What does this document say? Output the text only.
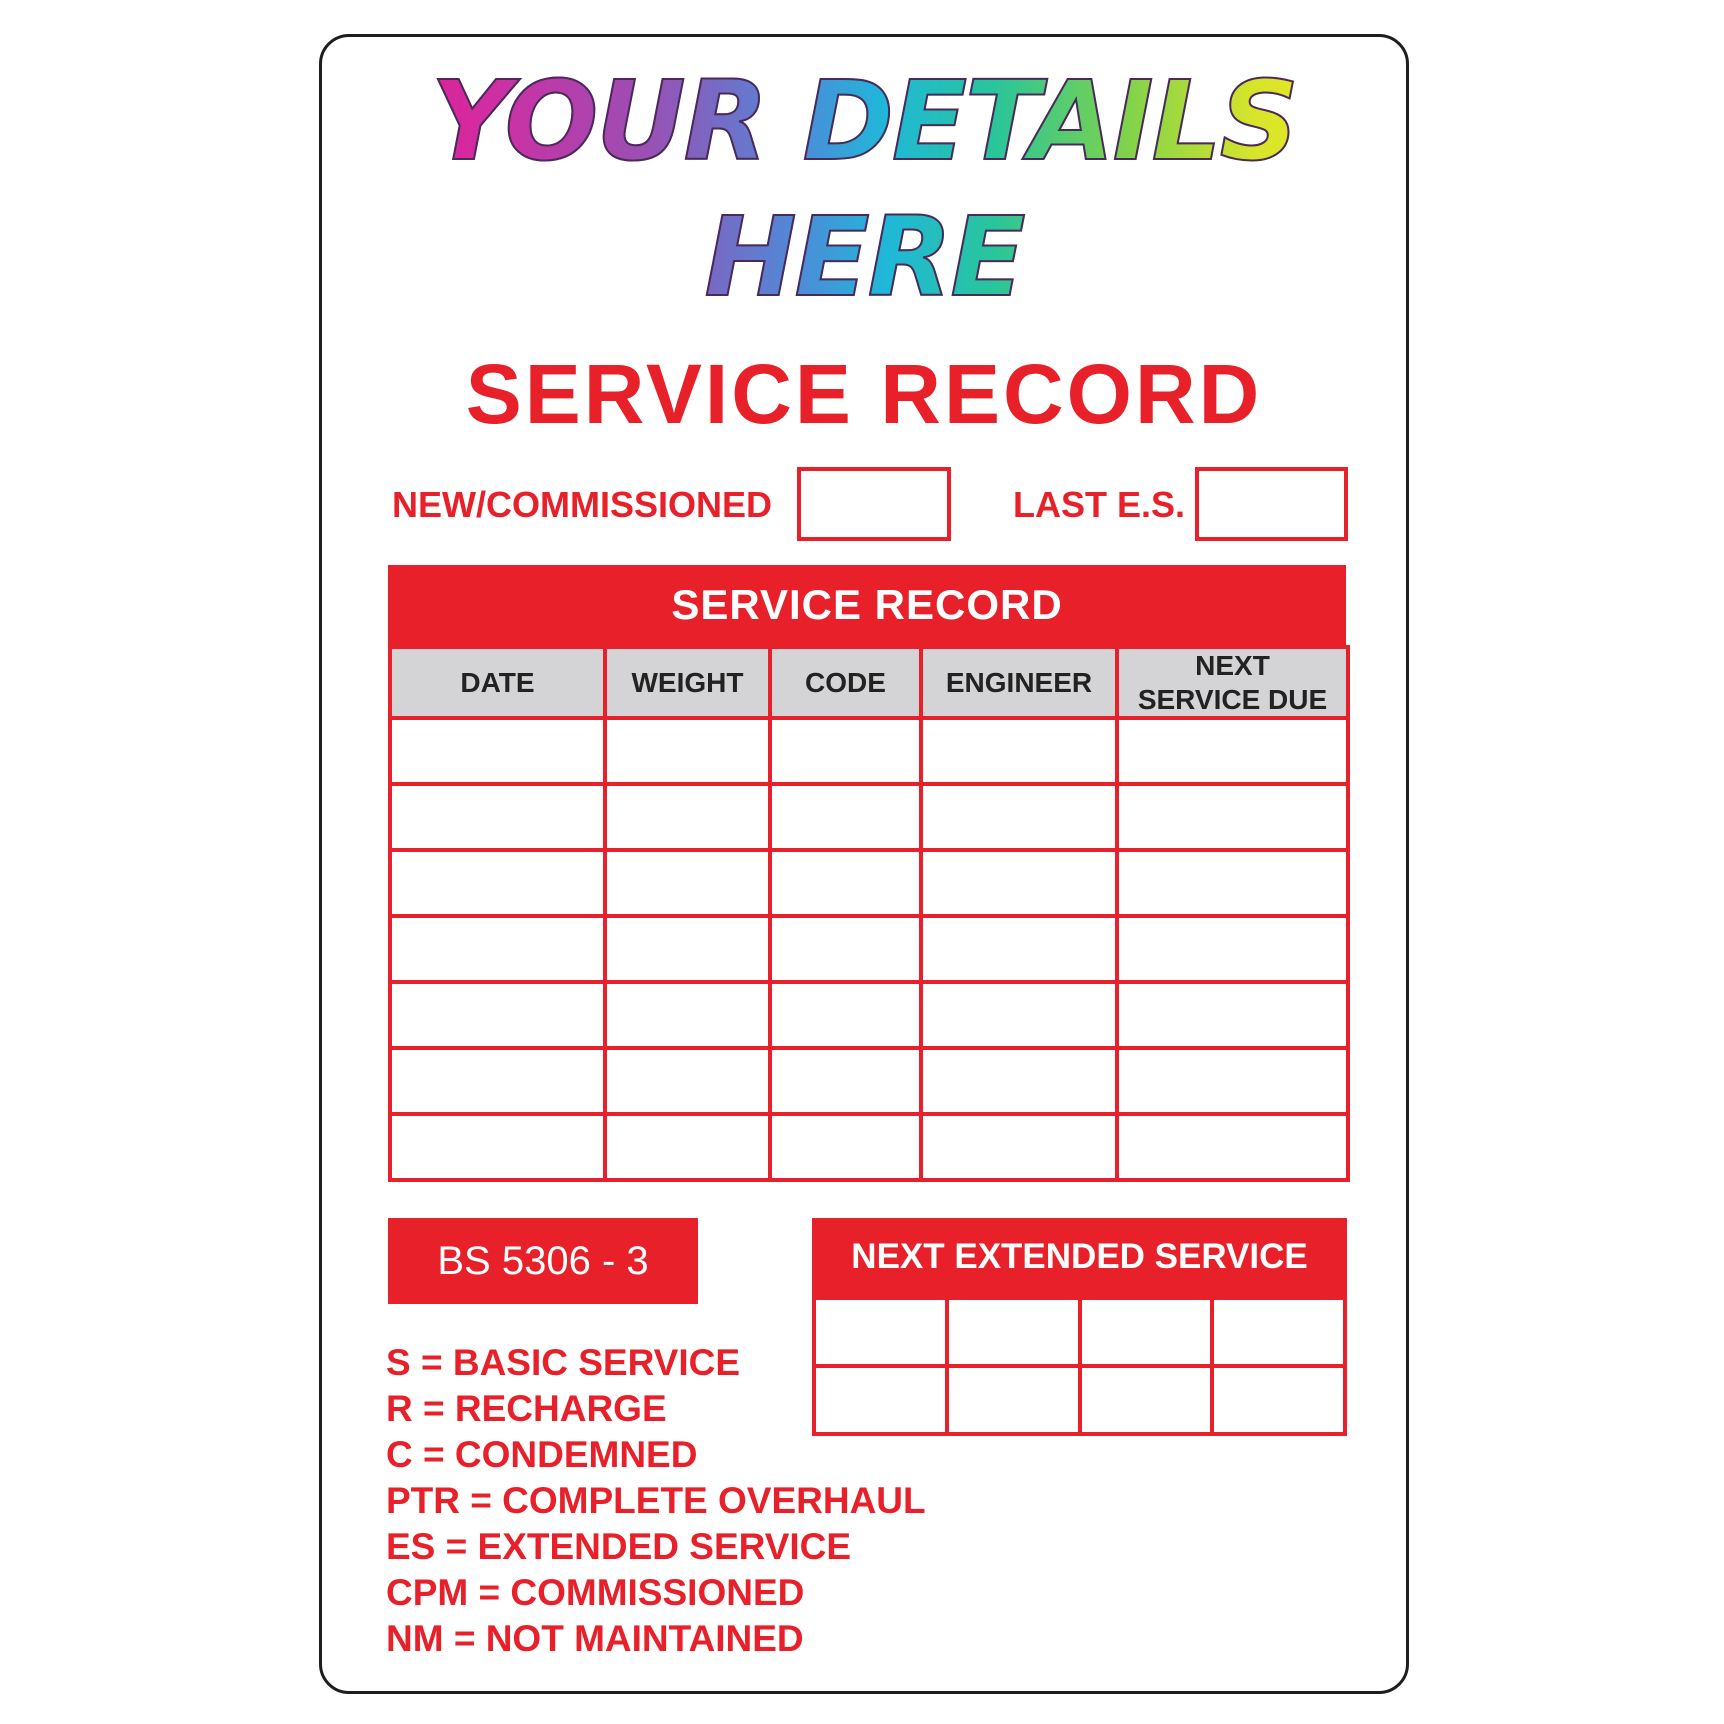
YOUR DETAILS
HERE
SERVICE RECORD
NEW/COMMISSIONED	LAST E.S.
SERVICE RECORD
DATE	WEIGHT	CODE	ENGINEER	NEXT SERVICE DUE

BS 5306 - 3	NEXT EXTENDED SERVICE

S = BASIC SERVICE
R = RECHARGE
C = CONDEMNED
PTR = COMPLETE OVERHAUL
ES = EXTENDED SERVICE
CPM = COMMISSIONED
NM = NOT MAINTAINED
